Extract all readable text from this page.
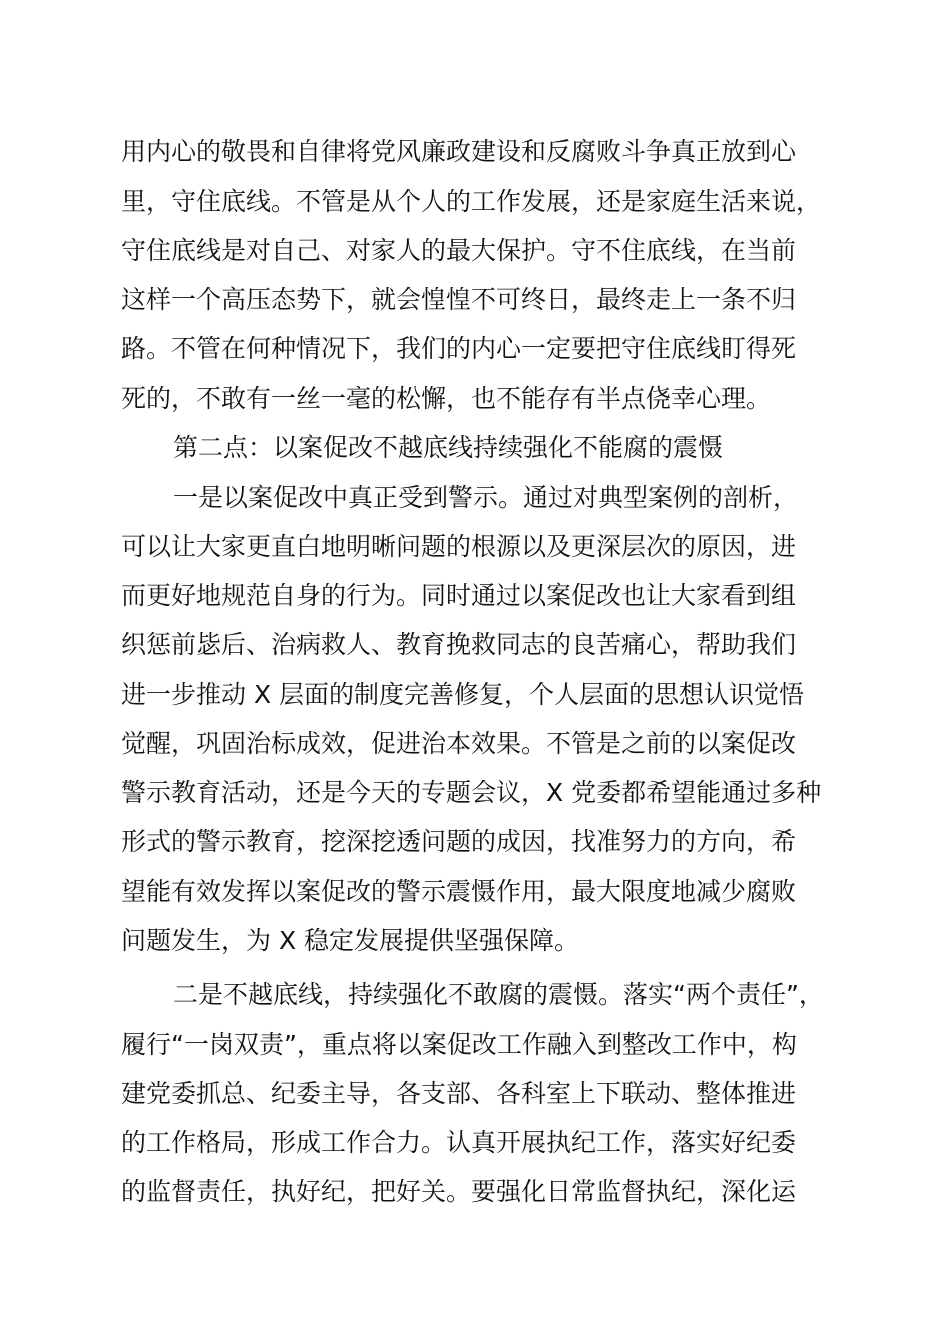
用内心的敬畏和自律将党风廉政建设和反腐败斗争真正放到心

里，守住底线。不管是从个人的工作发展，还是家庭生活来说，

守住底线是对自己、对家人的最大保护。守不住底线，在当前

这样一个高压态势下，就会惶惶不可终日，最终走上一条不归

路。不管在何种情况下，我们的内心一定要把守住底线盯得死

死的，不敢有一丝一毫的松懈，也不能存有半点侥幸心理。

第二点：以案促改不越底线持续强化不能腐的震慑

一是以案促改中真正受到警示。通过对典型案例的剖析，

可以让大家更直白地明晰问题的根源以及更深层次的原因，进

而更好地规范自身的行为。同时通过以案促改也让大家看到组

织惩前毖后、治病救人、教育挽救同志的良苦痛心，帮助我们

进一步推动 X 层面的制度完善修复，个人层面的思想认识觉悟

觉醒，巩固治标成效，促进治本效果。不管是之前的以案促改

警示教育活动，还是今天的专题会议，X 党委都希望能通过多种

形式的警示教育，挖深挖透问题的成因，找准努力的方向，希

望能有效发挥以案促改的警示震慑作用，最大限度地减少腐败

问题发生，为 X 稳定发展提供坚强保障。

二是不越底线，持续强化不敢腐的震慑。落实“两个责任”，

履行“一岗双责”，重点将以案促改工作融入到整改工作中，构

建党委抓总、纪委主导，各支部、各科室上下联动、整体推进

的工作格局，形成工作合力。认真开展执纪工作，落实好纪委

的监督责任，执好纪，把好关。要强化日常监督执纪，深化运
